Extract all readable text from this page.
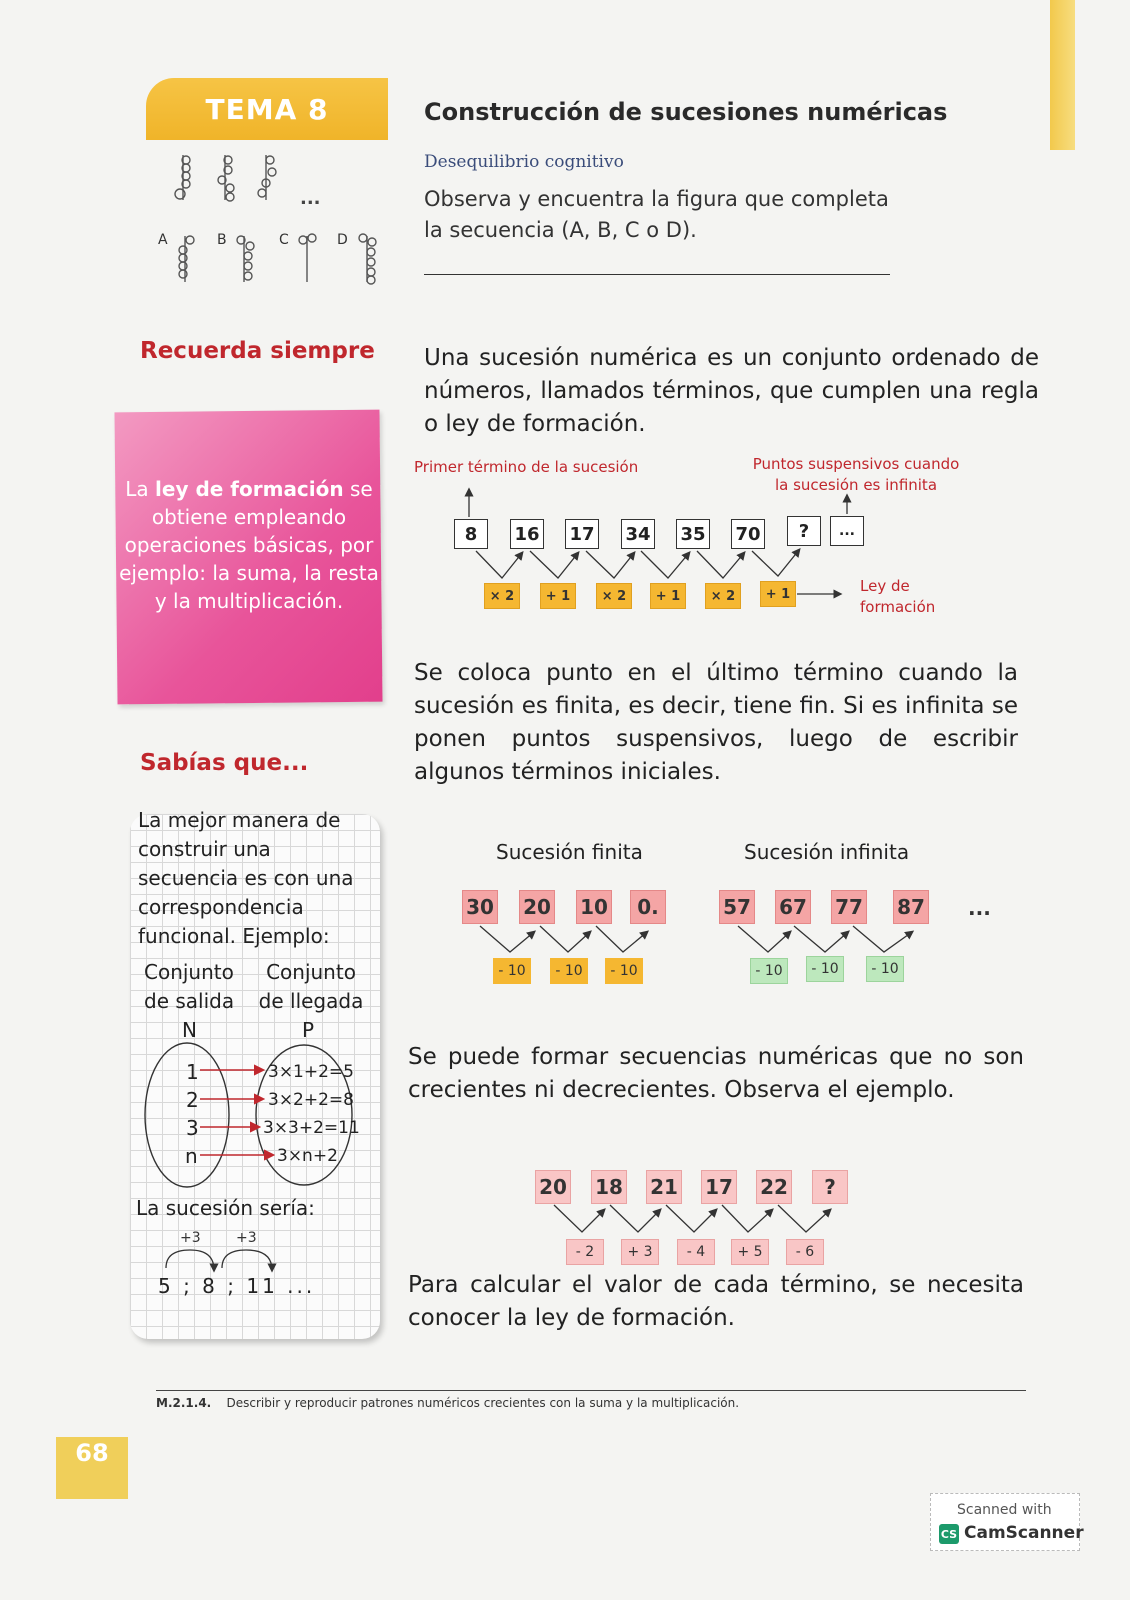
TEMA 8	Construcción de sucesiones numéricas
Desequilibrio cognitivo
Observa y encuentra la figura que completa la secuencia (A, B, C o D).
...
A	B	C	D
Recuerda siempre
La ley de formación se obtiene empleando operaciones básicas, por ejemplo: la suma, la resta y la multiplicación.
Una sucesión numérica es un conjunto ordenado de números, llamados términos, que cumplen una regla o ley de formación.
Primer término de la sucesión	Puntos suspensivos cuando la sucesión es infinita
8	16 17 34 35 70	?	...
× 2	+ 1	× 2	+ 1	× 2	+ 1	Ley de formación
Se coloca punto en el último término cuando la sucesión es finita, es decir, tiene fin. Si es infinita se ponen puntos suspensivos, luego de escribir algunos términos iniciales.
Sabías que...
La mejor manera de construir una secuencia es con una correspondencia funcional. Ejemplo:
Conjunto de salida
Conjunto de llegada
N	P
1
2
3
n
3×1+2=5
3×2+2=8
3×3+2=11
3×n+2
La sucesión sería:
+3	+3
5 ; 8 ; 11 ...
Sucesión finita	Sucesión infinita
30 20 10	0.
- 10	- 10	- 10
57 67 77 87 ...
- 10	- 10	- 10
Se puede formar secuencias numéricas que no son crecientes ni decrecientes. Observa el ejemplo.
20 18 21 17 22	?
- 2	+ 3	- 4	+ 5	- 6
Para calcular el valor de cada término, se necesita conocer la ley de formación.
M.2.1.4. Describir y reproducir patrones numéricos crecientes con la suma y la multiplicación.
68
Scanned with
CS CamScanner
